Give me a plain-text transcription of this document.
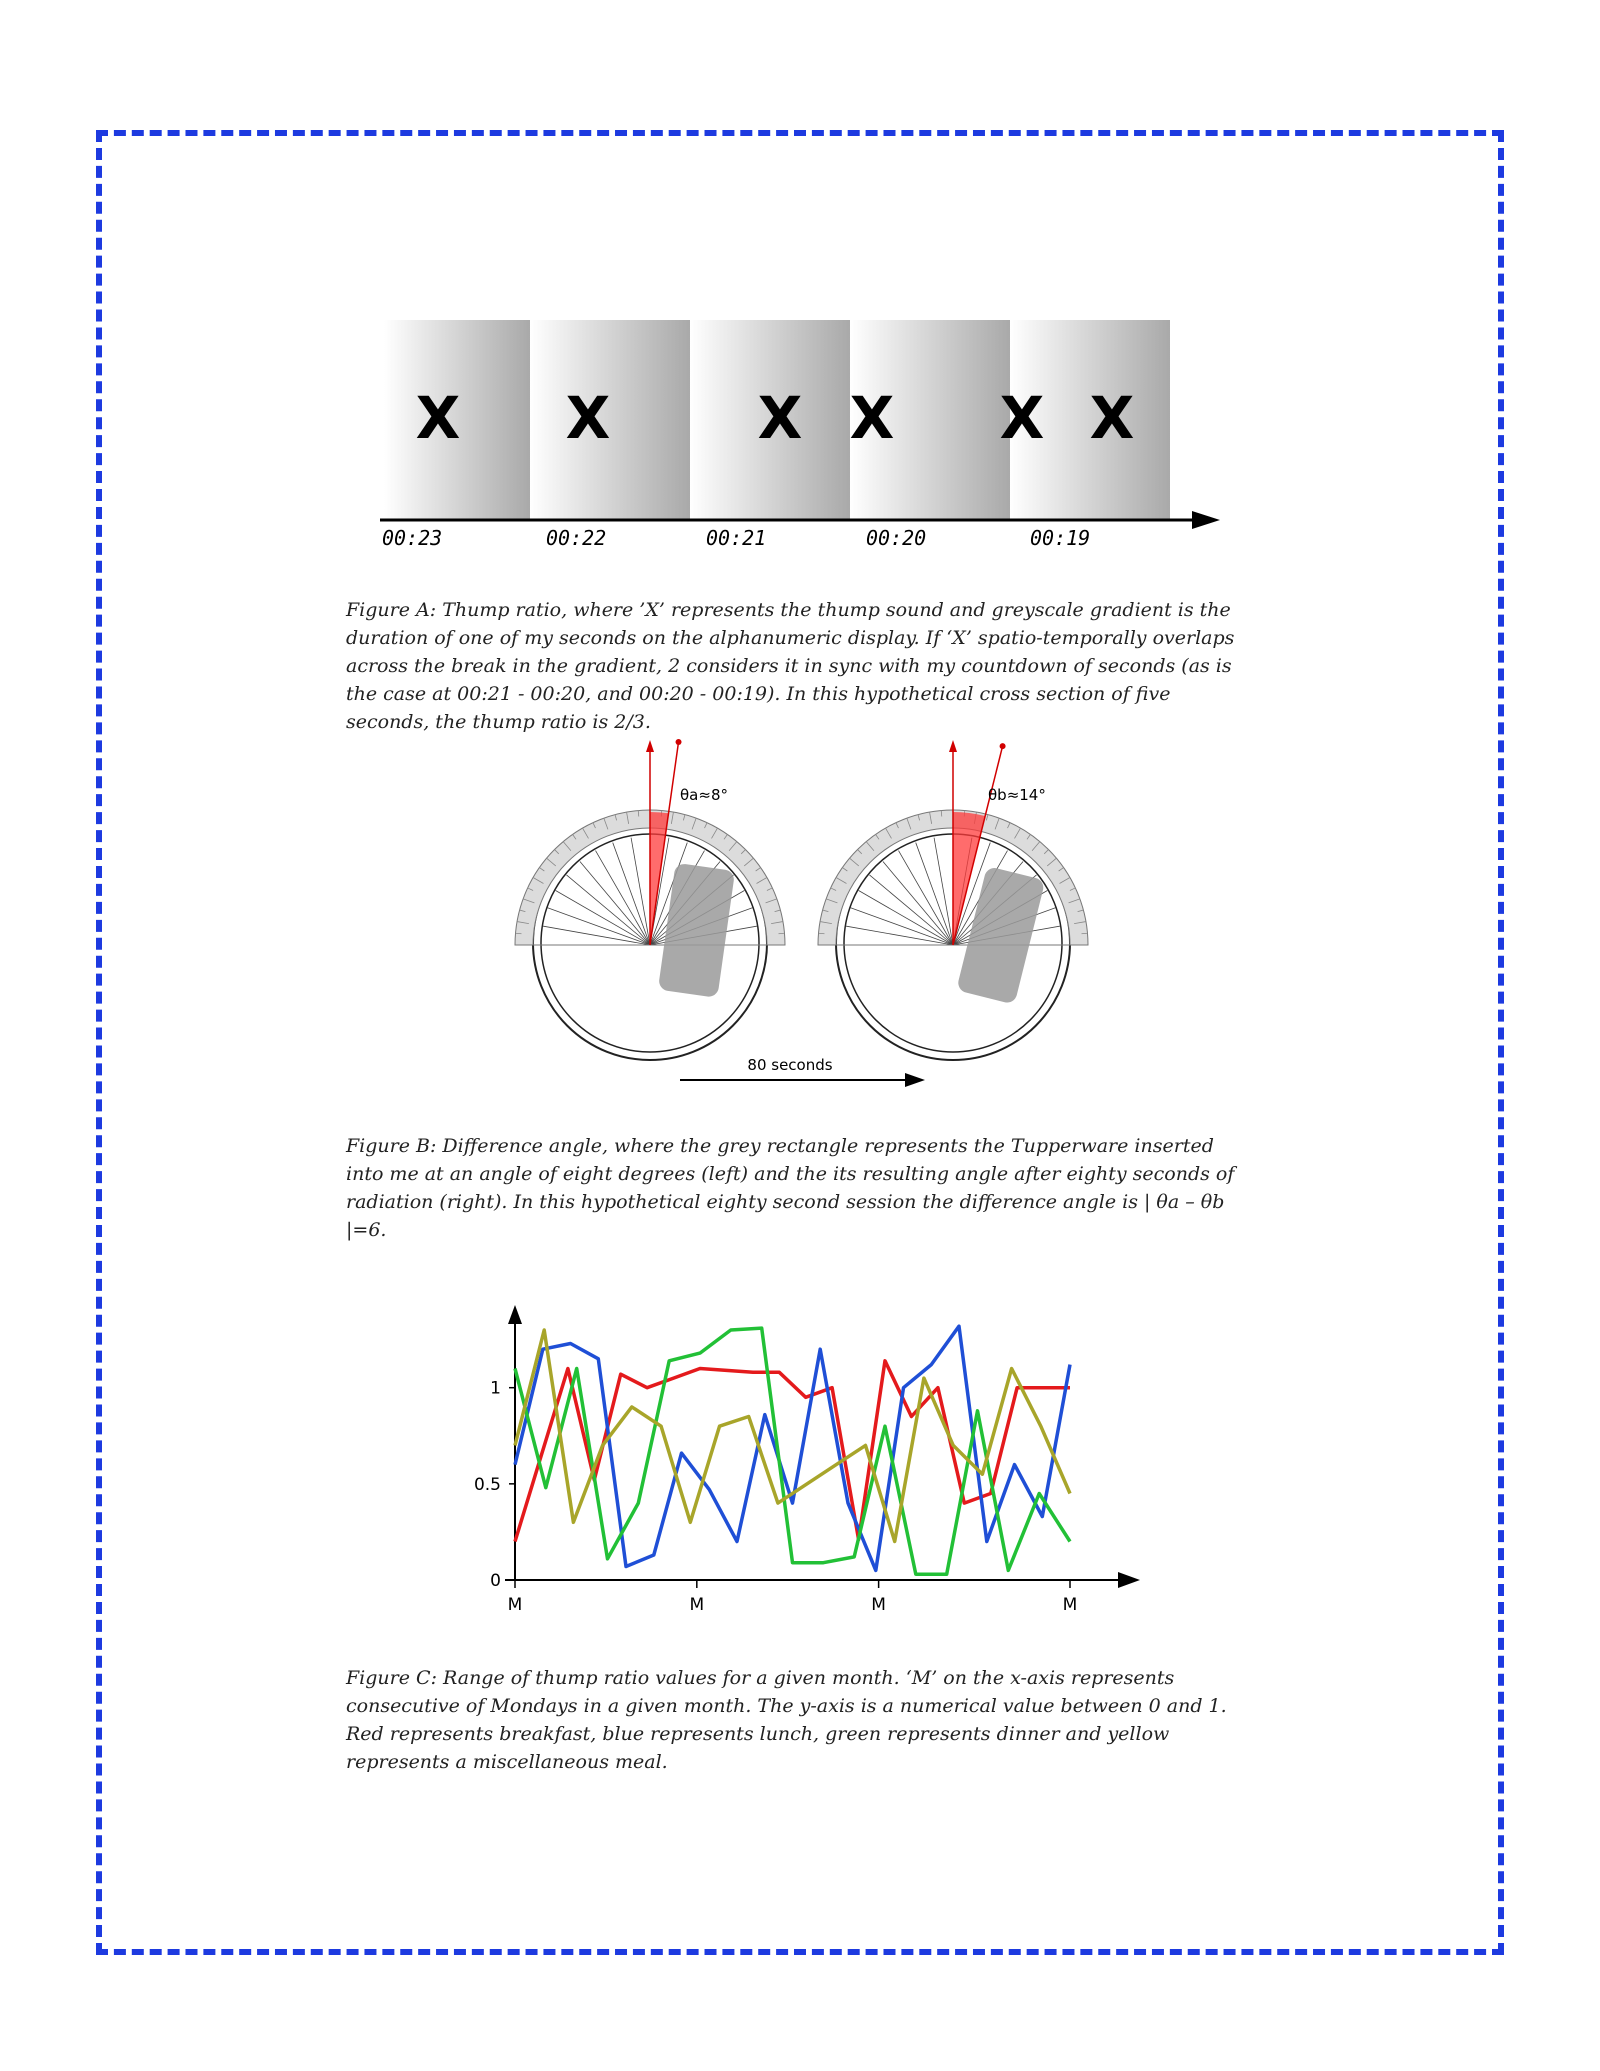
X X	X X X X
00:23	00:22	00:21	00:20	00:19

Figure A: Thump ratio, where ’X’ represents the thump sound and greyscale gradient is the duration of one of my seconds on the alphanumeric display. If ‘X’ spatio-temporally overlaps across the break in the gradient, 2 considers it in sync with my countdown of seconds (as is the case at 00:21 - 00:20, and 00:20 - 00:19). In this hypothetical cross section of five seconds, the thump ratio is 2/3.

θa≈8°	θb≈14°
80 seconds

Figure B: Difference angle, where the grey rectangle represents the Tupperware inserted into me at an angle of eight degrees (left) and the its resulting angle after eighty seconds of radiation (right). In this hypothetical eighty second session the difference angle is | θa – θb |=6.

0
0.5
1
M	M	M	M

Figure C: Range of thump ratio values for a given month. ‘M’ on the x-axis represents consecutive of Mondays in a given month. The y-axis is a numerical value between 0 and 1. Red represents breakfast, blue represents lunch, green represents dinner and yellow represents a miscellaneous meal.
